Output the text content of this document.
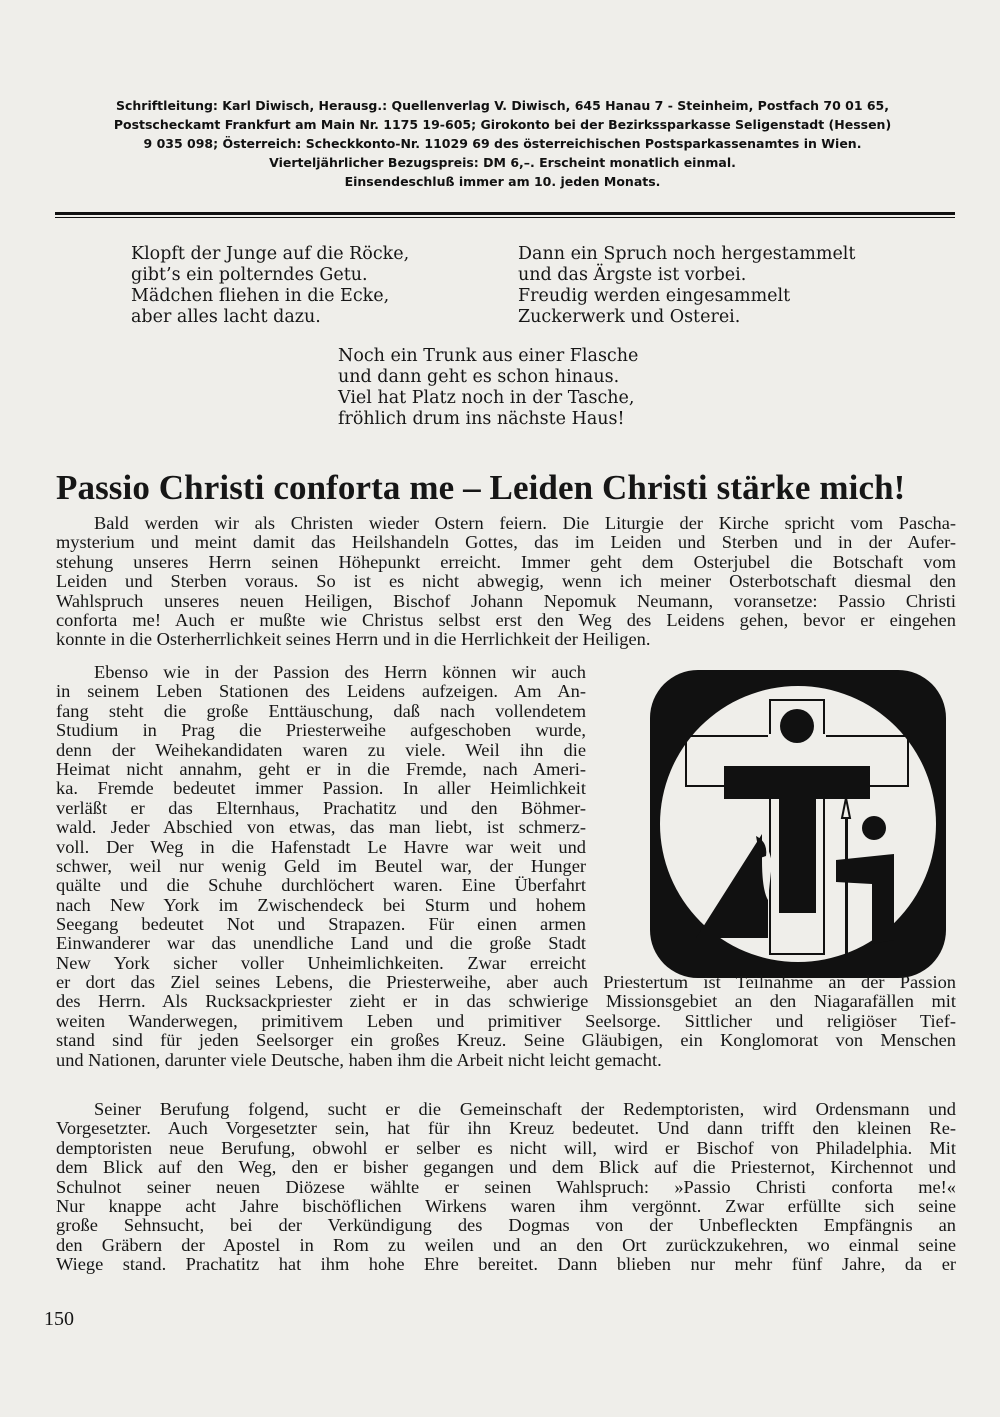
Schriftleitung: Karl Diwisch, Herausg.: Quellenverlag V. Diwisch, 645 Hanau 7 - Steinheim, Postfach 70 01 65,
Postscheckamt Frankfurt am Main Nr. 1175 19-605; Girokonto bei der Bezirkssparkasse Seligenstadt (Hessen)
9 035 098; Österreich: Scheckkonto-Nr. 11029 69 des österreichischen Postsparkassenamtes in Wien.
Vierteljährlicher Bezugspreis: DM 6,–. Erscheint monatlich einmal.
Einsendeschluß immer am 10. jeden Monats.
Klopft der Junge auf die Röcke,
gibt’s ein polterndes Getu.
Mädchen fliehen in die Ecke,
aber alles lacht dazu.
Dann ein Spruch noch hergestammelt
und das Ärgste ist vorbei.
Freudig werden eingesammelt
Zuckerwerk und Osterei.
Noch ein Trunk aus einer Flasche
und dann geht es schon hinaus.
Viel hat Platz noch in der Tasche,
fröhlich drum ins nächste Haus!
Passio Christi conforta me – Leiden Christi stärke mich!
Bald werden wir als Christen wieder Ostern feiern. Die Liturgie der Kirche spricht vom Pascha-
mysterium und meint damit das Heilshandeln Gottes, das im Leiden und Sterben und in der Aufer-
stehung unseres Herrn seinen Höhepunkt erreicht. Immer geht dem Osterjubel die Botschaft vom
Leiden und Sterben voraus. So ist es nicht abwegig, wenn ich meiner Osterbotschaft diesmal den
Wahlspruch unseres neuen Heiligen, Bischof Johann Nepomuk Neumann, voransetze: Passio Christi
conforta me! Auch er mußte wie Christus selbst erst den Weg des Leidens gehen, bevor er eingehen
konnte in die Osterherrlichkeit seines Herrn und in die Herrlichkeit der Heiligen.
Ebenso wie in der Passion des Herrn können wir auch
in seinem Leben Stationen des Leidens aufzeigen. Am An-
fang steht die große Enttäuschung, daß nach vollendetem
Studium in Prag die Priesterweihe aufgeschoben wurde,
denn der Weihekandidaten waren zu viele. Weil ihn die
Heimat nicht annahm, geht er in die Fremde, nach Ameri-
ka. Fremde bedeutet immer Passion. In aller Heimlichkeit
verläßt er das Elternhaus, Prachatitz und den Böhmer-
wald. Jeder Abschied von etwas, das man liebt, ist schmerz-
voll. Der Weg in die Hafenstadt Le Havre war weit und
schwer, weil nur wenig Geld im Beutel war, der Hunger
quälte und die Schuhe durchlöchert waren. Eine Überfahrt
nach New York im Zwischendeck bei Sturm und hohem
Seegang bedeutet Not und Strapazen. Für einen armen
Einwanderer war das unendliche Land und die große Stadt
New York sicher voller Unheimlichkeiten. Zwar erreicht
er dort das Ziel seines Lebens, die Priesterweihe, aber auch Priestertum ist Teilnahme an der Passion
des Herrn. Als Rucksackpriester zieht er in das schwierige Missionsgebiet an den Niagarafällen mit
weiten Wanderwegen, primitivem Leben und primitiver Seelsorge. Sittlicher und religiöser Tief-
stand sind für jeden Seelsorger ein großes Kreuz. Seine Gläubigen, ein Konglomorat von Menschen
und Nationen, darunter viele Deutsche, haben ihm die Arbeit nicht leicht gemacht.
Seiner Berufung folgend, sucht er die Gemeinschaft der Redemptoristen, wird Ordensmann und
Vorgesetzter. Auch Vorgesetzter sein, hat für ihn Kreuz bedeutet. Und dann trifft den kleinen Re-
demptoristen neue Berufung, obwohl er selber es nicht will, wird er Bischof von Philadelphia. Mit
dem Blick auf den Weg, den er bisher gegangen und dem Blick auf die Priesternot, Kirchennot und
Schulnot seiner neuen Diözese wählte er seinen Wahlspruch: »Passio Christi conforta me!«
Nur knappe acht Jahre bischöflichen Wirkens waren ihm vergönnt. Zwar erfüllte sich seine
große Sehnsucht, bei der Verkündigung des Dogmas von der Unbefleckten Empfängnis an
den Gräbern der Apostel in Rom zu weilen und an den Ort zurückzukehren, wo einmal seine
Wiege stand. Prachatitz hat ihm hohe Ehre bereitet. Dann blieben nur mehr fünf Jahre, da er
150
